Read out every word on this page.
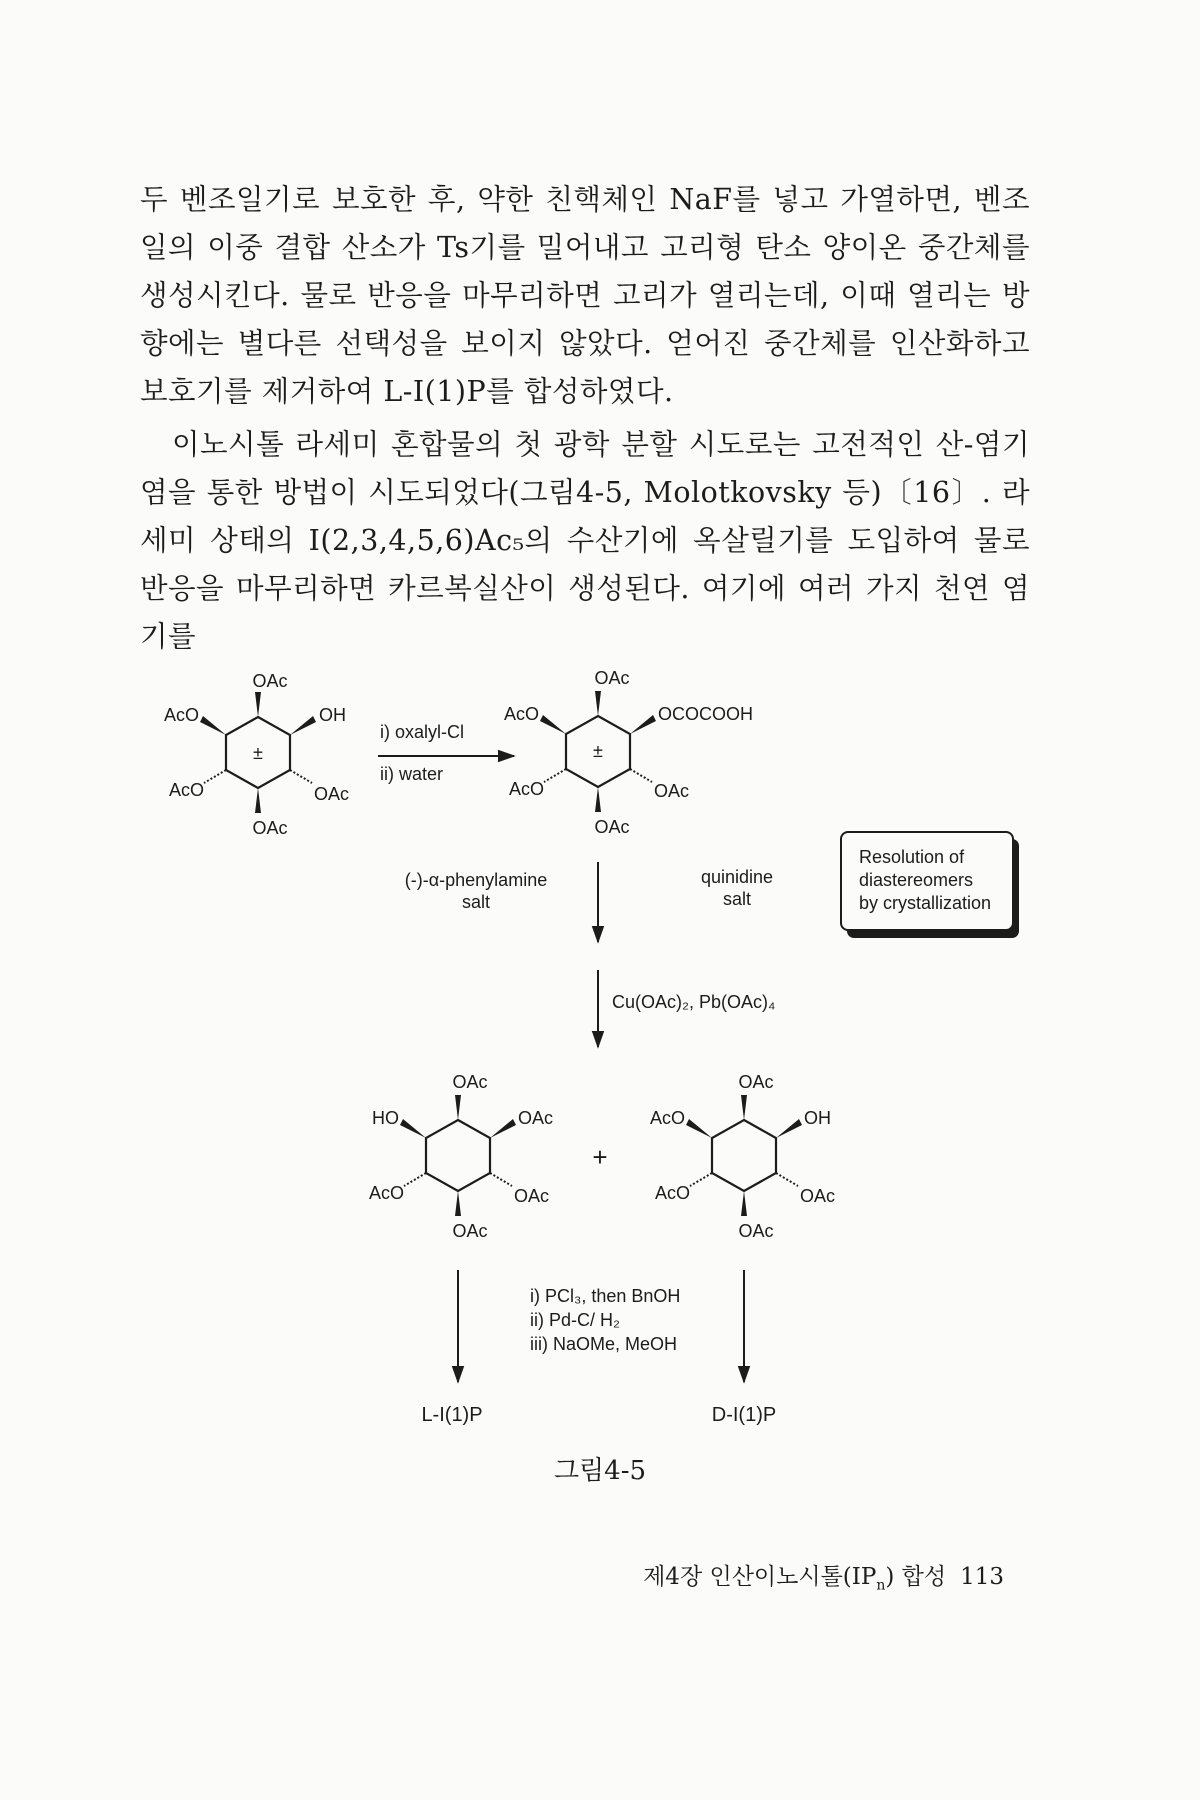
두 벤조일기로 보호한 후, 약한 친핵체인 NaF를 넣고 가열하면, 벤조일의 이중 결합 산소가 Ts기를 밀어내고 고리형 탄소 양이온 중간체를 생성시킨다. 물로 반응을 마무리하면 고리가 열리는데, 이때 열리는 방향에는 별다른 선택성을 보이지 않았다. 얻어진 중간체를 인산화하고 보호기를 제거하여 L-I(1)P를 합성하였다.
이노시톨 라세미 혼합물의 첫 광학 분할 시도로는 고전적인 산-염기 염을 통한 방법이 시도되었다(그림4-5, Molotkovsky 등)〔16〕. 라세미 상태의 I(2,3,4,5,6)Ac₅의 수산기에 옥살릴기를 도입하여 물로 반응을 마무리하면 카르복실산이 생성된다. 여기에 여러 가지 천연 염기를
OAc
AcO	OH
±
AcO	OAc
OAc
i) oxalyl-Cl
ii) water
OAc
AcO	OCOCOOH
±
AcO	OAc
OAc
(-)-α-phenylamine
salt
quinidine
salt
Resolution of
diastereomers
by crystallization
Cu(OAc)₂, Pb(OAc)₄
OAc
HO	OAc
AcO	OAc
OAc
+
OAc
AcO	OH
AcO	OAc
OAc
i) PCl₃, then BnOH
ii) Pd-C/ H₂
iii) NaOMe, MeOH
L-I(1)P	D-I(1)P
그림4-5
제4장 인산이노시톨$(IP_n)$ 합성 113
